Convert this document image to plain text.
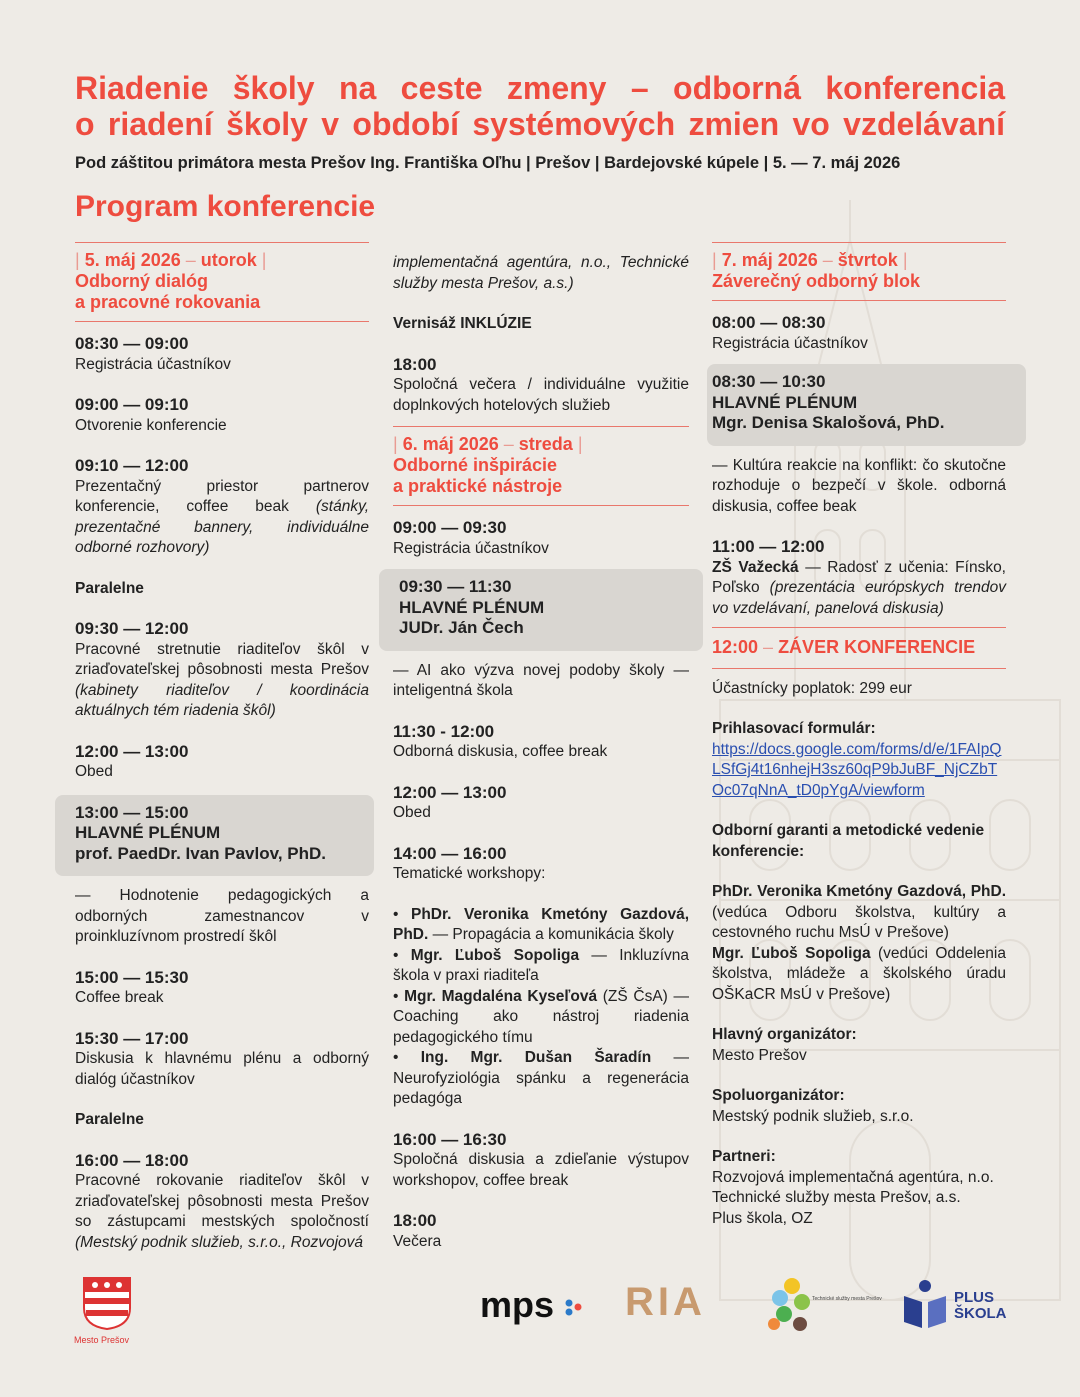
Riadenie školy na ceste zmeny – odborná konferencia
o riadení školy v období systémových zmien vo vzdelávaní
Pod záštitou primátora mesta Prešov Ing. Františka Oľhu | Prešov | Bardejovské kúpele | 5. — 7. máj 2026
Program konferencie
| 5. máj 2026 – utorok |
Odborný dialóg
a pracovné rokovania
08:30 — 09:00
Registrácia účastníkov
09:00 — 09:10
Otvorenie konferencie
09:10 — 12:00
Prezentačný priestor partnerov konferencie, coffee beak (stánky, prezentačné bannery, individuálne odborné rozhovory)
Paralelne
09:30 — 12:00
Pracovné stretnutie riaditeľov škôl v zriaďovateľskej pôsobnosti mesta Prešov (kabinety riaditeľov / koordinácia aktuálnych tém riadenia škôl)
12:00 — 13:00
Obed
13:00 — 15:00
HLAVNÉ PLÉNUM
prof. PaedDr. Ivan Pavlov, PhD.
— Hodnotenie pedagogických a odborných zamestnancov v proinkluzívnom prostredí škôl
15:00 — 15:30
Coffee break
15:30 — 17:00
Diskusia k hlavnému plénu a odborný dialóg účastníkov
Paralelne
16:00 — 18:00
Pracovné rokovanie riaditeľov škôl v zriaďovateľskej pôsobnosti mesta Prešov so zástupcami mestských spoločností (Mestský podnik služieb, s.r.o., Rozvojová
implementačná agentúra, n.o., Technické služby mesta Prešov, a.s.)
Vernisáž INKLÚZIE
18:00
Spoločná večera / individuálne využitie doplnkových hotelových služieb
| 6. máj 2026 – streda |
Odborné inšpirácie
a praktické nástroje
09:00 — 09:30
Registrácia účastníkov
09:30 — 11:30
HLAVNÉ PLÉNUM
JUDr. Ján Čech
— AI ako výzva novej podoby školy — inteligentná škola
11:30 - 12:00
Odborná diskusia, coffee break
12:00 — 13:00
Obed
14:00 — 16:00
Tematické workshopy:
• PhDr. Veronika Kmetóny Gazdová, PhD. — Propagácia a komunikácia školy
• Mgr. Ľuboš Sopoliga — Inkluzívna škola v praxi riaditeľa
• Mgr. Magdaléna Kyseľová (ZŠ ČsA) — Coaching ako nástroj riadenia pedagogického tímu
• Ing. Mgr. Dušan Šaradín — Neurofyziológia spánku a regenerácia pedagóga
16:00 — 16:30
Spoločná diskusia a zdieľanie výstupov workshopov, coffee break
18:00
Večera
| 7. máj 2026 – štvrtok |
Záverečný odborný blok
08:00 — 08:30
Registrácia účastníkov
08:30 — 10:30
HLAVNÉ PLÉNUM
Mgr. Denisa Skalošová, PhD.
— Kultúra reakcie na konflikt: čo skutočne rozhoduje o bezpečí v škole. odborná diskusia, coffee beak
11:00 — 12:00
ZŠ Važecká — Radosť z učenia: Fínsko, Poľsko (prezentácia európskych trendov vo vzdelávaní, panelová diskusia)
12:00 – ZÁVER KONFERENCIE
Účastnícky poplatok: 299 eur
Prihlasovací formulár:
https://docs.google.com/forms/d/e/1FAIpQLSfGj4t16nhejH3sz60qP9bJuBF_NjCZbTOc07qNnA_tD0pYgA/viewform
Odborní garanti a metodické vedenie konferencie:
PhDr. Veronika Kmetóny Gazdová, PhD. (vedúca Odboru školstva, kultúry a cestovného ruchu MsÚ v Prešove)
Mgr. Ľuboš Sopoliga (vedúci Oddelenia školstva, mládeže a školského úradu OŠKaCR MsÚ v Prešove)
Hlavný organizátor:
Mesto Prešov
Spoluorganizátor:
Mestský podnik služieb, s.r.o.
Partneri:
Rozvojová implementačná agentúra, n.o.
Technické služby mesta Prešov, a.s.
Plus škola, OZ
Mesto Prešov
mps	RIA	Technické služby mesta Prešov	PLUS
ŠKOLA
